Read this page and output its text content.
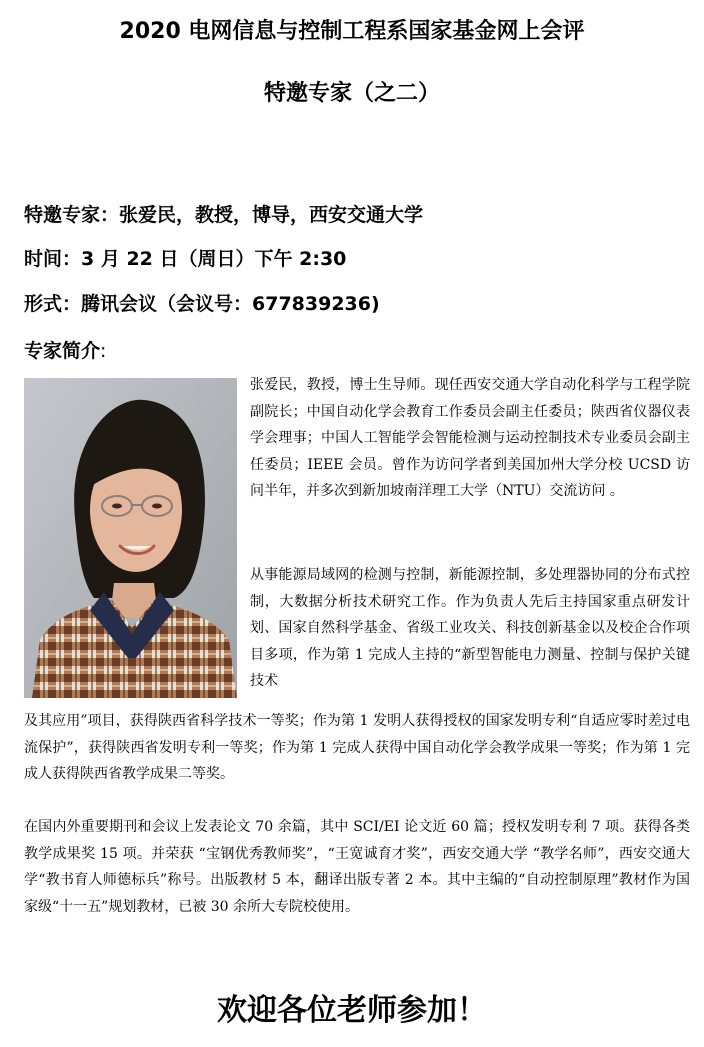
2020 电网信息与控制工程系国家基金网上会评
特邀专家（之二）
特邀专家：张爱民，教授，博导，西安交通大学
时间：3 月 22 日（周日）下午 2:30
形式：腾讯会议（会议号：677839236)
专家简介:
张爱民，教授，博士生导师。现任西安交通大学自动化科学与工程学院副院长；中国自动化学会教育工作委员会副主任委员；陕西省仪器仪表学会理事；中国人工智能学会智能检测与运动控制技术专业委员会副主任委员；IEEE 会员。曾作为访问学者到美国加州大学分校 UCSD 访问半年，并多次到新加坡南洋理工大学（NTU）交流访问 。
从事能源局域网的检测与控制，新能源控制，多处理器协同的分布式控制，大数据分析技术研究工作。作为负责人先后主持国家重点研发计划、国家自然科学基金、省级工业攻关、科技创新基金以及校企合作项目多项，作为第 1 完成人主持的“新型智能电力测量、控制与保护关键技术
及其应用”项目，获得陕西省科学技术一等奖；作为第 1 发明人获得授权的国家发明专利“自适应零时差过电流保护”，获得陕西省发明专利一等奖；作为第 1 完成人获得中国自动化学会教学成果一等奖；作为第 1 完成人获得陕西省教学成果二等奖。
在国内外重要期刊和会议上发表论文 70 余篇，其中 SCI/EI 论文近 60 篇；授权发明专利 7 项。获得各类教学成果奖 15 项。并荣获 “宝钢优秀教师奖”，“王宽诚育才奖”，西安交通大学 “教学名师”，西安交通大学“教书育人师德标兵”称号。出版教材 5 本，翻译出版专著 2 本。其中主编的“自动控制原理”教材作为国家级“十一五”规划教材，已被 30 余所大专院校使用。
欢迎各位老师参加！
